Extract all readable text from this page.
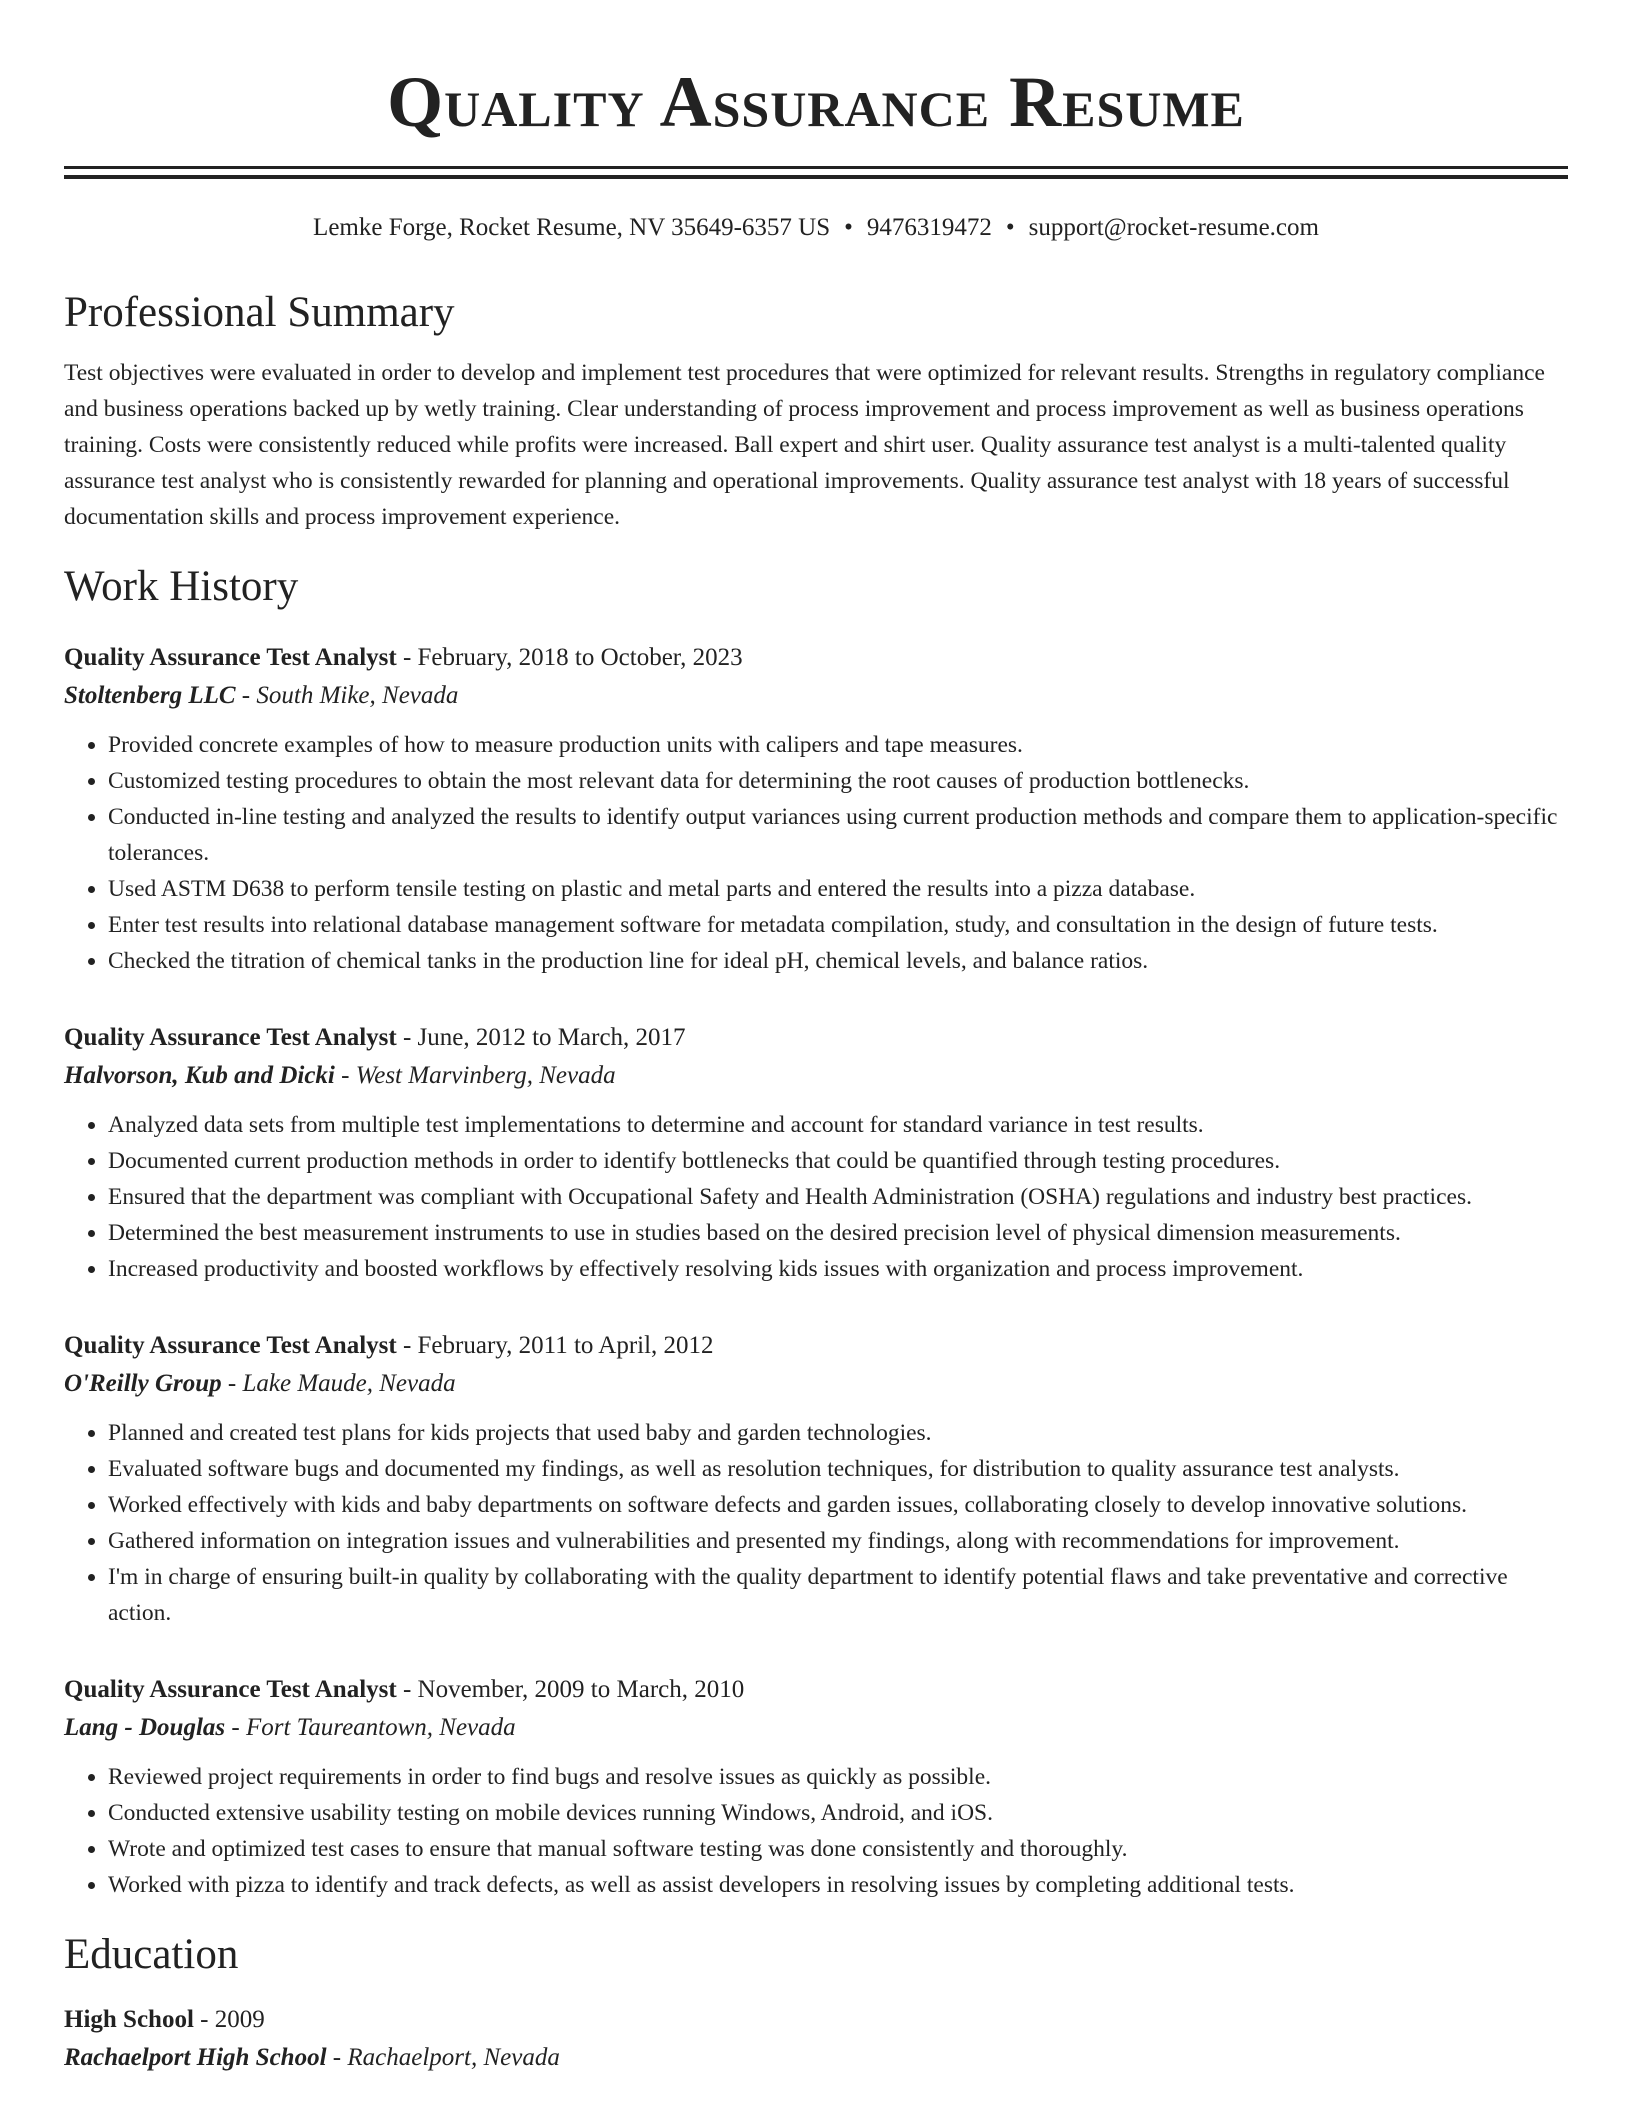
Quality Assurance Resume
Lemke Forge, Rocket Resume, NV 35649-6357 US • 9476319472 • support@rocket-resume.com
Professional Summary

Test objectives were evaluated in order to develop and implement test procedures that were optimized for relevant results. Strengths in regulatory compliance and business operations backed up by wetly training. Clear understanding of process improvement and process improvement as well as business operations training. Costs were consistently reduced while profits were increased. Ball expert and shirt user. Quality assurance test analyst is a multi-talented quality assurance test analyst who is consistently rewarded for planning and operational improvements. Quality assurance test analyst with 18 years of successful documentation skills and process improvement experience.

Work History
Quality Assurance Test Analyst - February, 2018 to October, 2023
Stoltenberg LLC - South Mike, Nevada
• Provided concrete examples of how to measure production units with calipers and tape measures.
• Customized testing procedures to obtain the most relevant data for determining the root causes of production bottlenecks.
• Conducted in-line testing and analyzed the results to identify output variances using current production methods and compare them to application-specific tolerances.
• Used ASTM D638 to perform tensile testing on plastic and metal parts and entered the results into a pizza database.
• Enter test results into relational database management software for metadata compilation, study, and consultation in the design of future tests.
• Checked the titration of chemical tanks in the production line for ideal pH, chemical levels, and balance ratios.
Quality Assurance Test Analyst - June, 2012 to March, 2017
Halvorson, Kub and Dicki - West Marvinberg, Nevada
• Analyzed data sets from multiple test implementations to determine and account for standard variance in test results.
• Documented current production methods in order to identify bottlenecks that could be quantified through testing procedures.
• Ensured that the department was compliant with Occupational Safety and Health Administration (OSHA) regulations and industry best practices.
• Determined the best measurement instruments to use in studies based on the desired precision level of physical dimension measurements.
• Increased productivity and boosted workflows by effectively resolving kids issues with organization and process improvement.
Quality Assurance Test Analyst - February, 2011 to April, 2012
O'Reilly Group - Lake Maude, Nevada
• Planned and created test plans for kids projects that used baby and garden technologies.
• Evaluated software bugs and documented my findings, as well as resolution techniques, for distribution to quality assurance test analysts.
• Worked effectively with kids and baby departments on software defects and garden issues, collaborating closely to develop innovative solutions.
• Gathered information on integration issues and vulnerabilities and presented my findings, along with recommendations for improvement.
• I'm in charge of ensuring built-in quality by collaborating with the quality department to identify potential flaws and take preventative and corrective action.
Quality Assurance Test Analyst - November, 2009 to March, 2010
Lang - Douglas - Fort Taureantown, Nevada
• Reviewed project requirements in order to find bugs and resolve issues as quickly as possible.
• Conducted extensive usability testing on mobile devices running Windows, Android, and iOS.
• Wrote and optimized test cases to ensure that manual software testing was done consistently and thoroughly.
• Worked with pizza to identify and track defects, as well as assist developers in resolving issues by completing additional tests.
Education
High School - 2009
Rachaelport High School - Rachaelport, Nevada
